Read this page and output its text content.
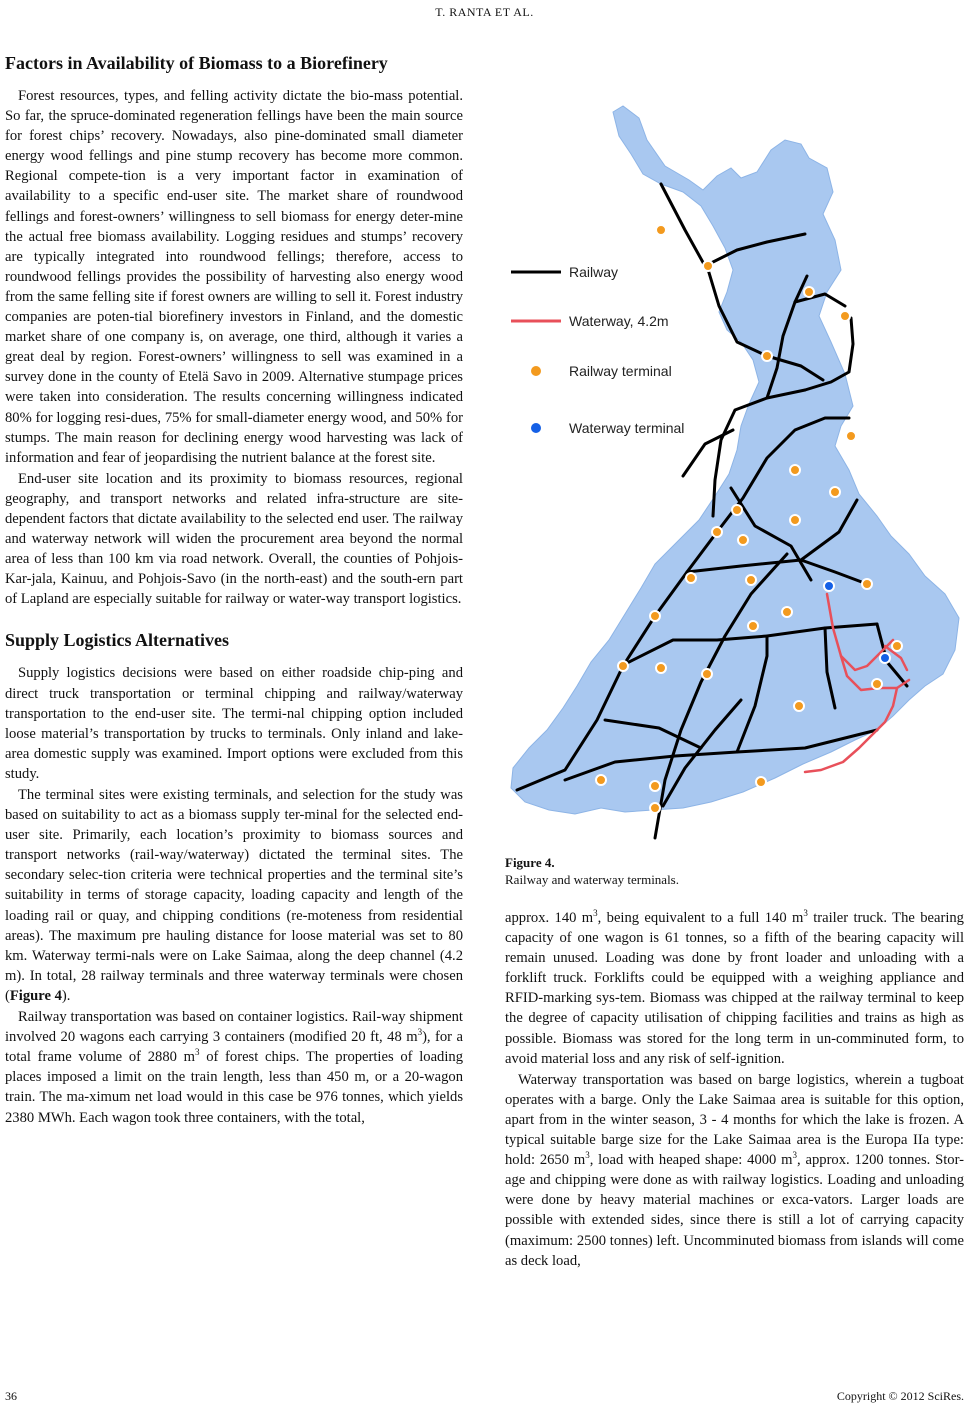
T. RANTA ET AL.
Factors in Availability of Biomass to a Biorefinery

Forest resources, types, and felling activity dictate the bio-mass potential. So far, the spruce-dominated regeneration fellings have been the main source for forest chips’ recovery. Nowadays, also pine-dominated small diameter energy wood fellings and pine stump recovery has become more common. Regional compete-tion is a very important factor in examination of availability to a specific end-user site. The market share of roundwood fellings and forest-owners’ willingness to sell biomass for energy deter-mine the actual free biomass availability. Logging residues and stumps’ recovery are typically integrated into roundwood fellings; therefore, access to roundwood fellings provides the possibility of harvesting also energy wood from the same felling site if forest owners are willing to sell it. Forest industry companies are poten-tial biorefinery investors in Finland, and the domestic market share of one company is, on average, one third, although it varies a great deal by region. Forest-owners’ willingness to sell was examined in a survey done in the county of Etelä Savo in 2009. Alternative stumpage prices were taken into consideration. The results concerning willingness indicated 80% for logging resi-dues, 75% for small-diameter energy wood, and 50% for stumps. The main reason for declining energy wood harvesting was lack of information and fear of jeopardising the nutrient balance at the forest site.

End-user site location and its proximity to biomass resources, regional geography, and transport networks and related infra-structure are site-dependent factors that dictate availability to the selected end user. The railway and waterway network will widen the procurement area beyond the normal area of less than 100 km via road network. Overall, the counties of Pohjois-Kar-jala, Kainuu, and Pohjois-Savo (in the north-east) and the south-ern part of Lapland are especially suitable for railway or water-way transport logistics.

Supply Logistics Alternatives

Supply logistics decisions were based on either roadside chip-ping and direct truck transportation or terminal chipping and railway/waterway transportation to the end-user site. The termi-nal chipping option included loose material’s transportation by trucks to terminals. Only inland and lake-area domestic supply was examined. Import options were excluded from this study.

The terminal sites were existing terminals, and selection for the study was based on suitability to act as a biomass supply ter-minal for the selected end-user site. Primarily, each location’s proximity to biomass sources and transport networks (rail-way/waterway) dictated the terminal sites. The secondary selec-tion criteria were technical properties and the terminal site’s suitability in terms of storage capacity, loading capacity and length of the loading rail or quay, and chipping conditions (re-moteness from residential areas). The maximum pre hauling distance for loose material was set to 80 km. Waterway termi-nals were on Lake Saimaa, along the deep channel (4.2 m). In total, 28 railway terminals and three waterway terminals were chosen (Figure 4).

Railway transportation was based on container logistics. Rail-way shipment involved 20 wagons each carrying 3 containers (modified 20 ft, 48 $m^3$), for a total frame volume of 2880 $m^3$ of forest chips. The properties of loading places imposed a limit on the train length, less than 450 m, or a 20-wagon train. The ma-ximum net load would in this case be 976 tonnes, which yields 2380 MWh. Each wagon took three containers, with the total,

Railway
Waterway, 4.2m
Railway terminal
Waterway terminal
Figure 4.
Railway and waterway terminals.

approx. 140 $m^3$, being equivalent to a full 140 $m^3$ trailer truck. The bearing capacity of one wagon is 61 tonnes, so a fifth of the bearing capacity will remain unused. Loading was done by front loader and unloading with a forklift truck. Forklifts could be equipped with a weighing appliance and RFID-marking sys-tem. Biomass was chipped at the railway terminal to keep the degree of capacity utilisation of chipping facilities and trains as high as possible. Biomass was stored for the long term in un-comminuted form, to avoid material loss and any risk of self-ignition.

Waterway transportation was based on barge logistics, wherein a tugboat operates with a barge. Only the Lake Saimaa area is suitable for this option, apart from in the winter season, 3 - 4 months for which the lake is frozen. A typical suitable barge size for the Lake Saimaa area is the Europa IIa type: hold: 2650 $m^3$, load with heaped shape: 4000 $m^3$, approx. 1200 tonnes. Stor-age and chipping were done as with railway logistics. Loading and unloading were done by heavy material machines or exca-vators. Larger loads are possible with extended sides, since there is still a lot of carrying capacity (maximum: 2500 tonnes) left. Uncomminuted biomass from islands will come as deck load,

36	Copyright © 2012 SciRes.
